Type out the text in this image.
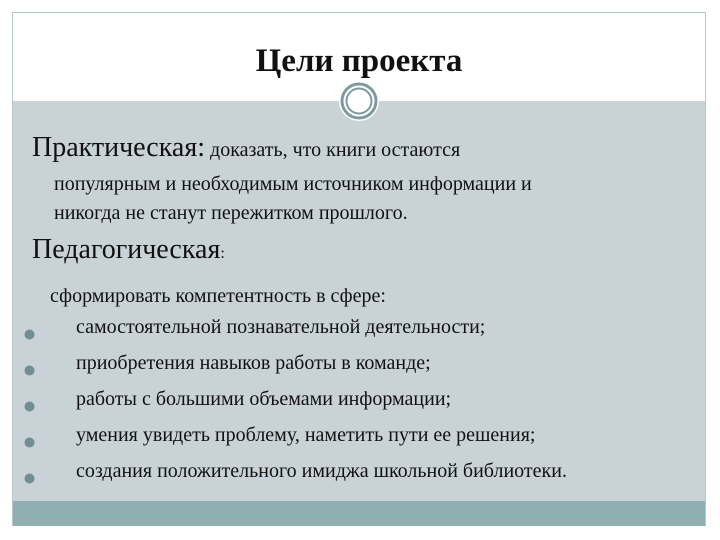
Цели проекта
Практическая: доказать, что книги остаются
популярным и необходимым источником информации и
никогда не станут пережитком прошлого.
Педагогическая:
сформировать компетентность в сфере:
самостоятельной познавательной деятельности;
приобретения навыков работы в команде;
работы с большими объемами информации;
умения увидеть проблему, наметить пути ее решения;
создания положительного имиджа школьной библиотеки.
